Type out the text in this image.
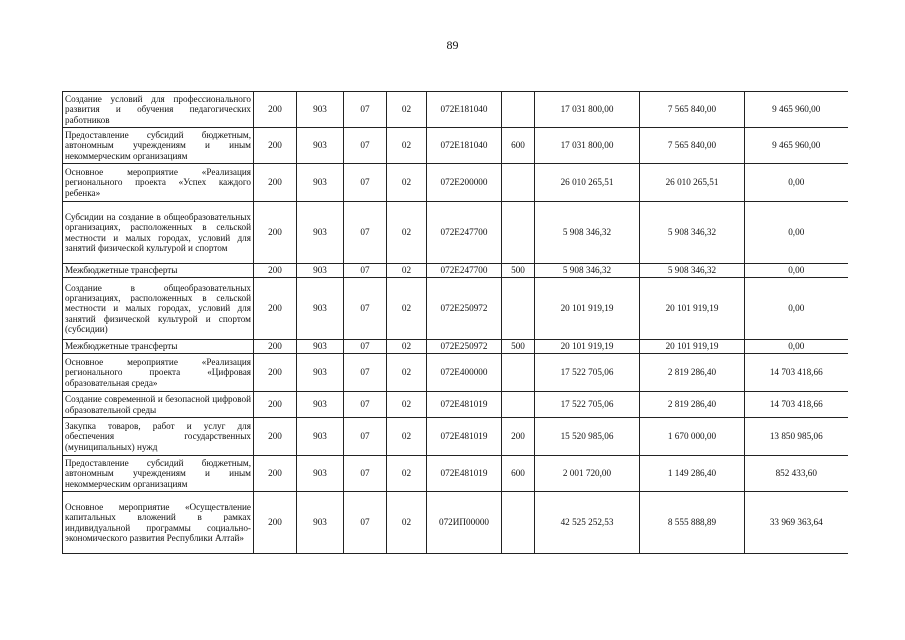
89
Создание условий для профессионального развития и обучения педагогических работников	200	903	07	02	072E181040		17 031 800,00	7 565 840,00	9 465 960,00
Предоставление субсидий бюджетным, автономным учреждениям и иным некоммерческим организациям	200	903	07	02	072E181040	600	17 031 800,00	7 565 840,00	9 465 960,00
Основное мероприятие «Реализация регионального проекта «Успех каждого ребенка»	200	903	07	02	072E200000		26 010 265,51	26 010 265,51	0,00
Субсидии на создание в общеобразовательных организациях, расположенных в сельской местности и малых городах, условий для занятий физической культурой и спортом	200	903	07	02	072E247700		5 908 346,32	5 908 346,32	0,00
Межбюджетные трансферты	200	903	07	02	072E247700	500	5 908 346,32	5 908 346,32	0,00
Создание в общеобразовательных организациях, расположенных в сельской местности и малых городах, условий для занятий физической культурой и спортом (субсидии)	200	903	07	02	072E250972		20 101 919,19	20 101 919,19	0,00
Межбюджетные трансферты	200	903	07	02	072E250972	500	20 101 919,19	20 101 919,19	0,00
Основное мероприятие «Реализация регионального проекта «Цифровая образовательная среда»	200	903	07	02	072E400000		17 522 705,06	2 819 286,40	14 703 418,66
Создание современной и безопасной цифровой образовательной среды	200	903	07	02	072E481019		17 522 705,06	2 819 286,40	14 703 418,66
Закупка товаров, работ и услуг для обеспечения государственных (муниципальных) нужд	200	903	07	02	072E481019	200	15 520 985,06	1 670 000,00	13 850 985,06
Предоставление субсидий бюджетным, автономным учреждениям и иным некоммерческим организациям	200	903	07	02	072E481019	600	2 001 720,00	1 149 286,40	852 433,60
Основное мероприятие «Осуществление капитальных вложений в рамках индивидуальной программы социально-экономического развития Республики Алтай»	200	903	07	02	072ИП00000		42 525 252,53	8 555 888,89	33 969 363,64
